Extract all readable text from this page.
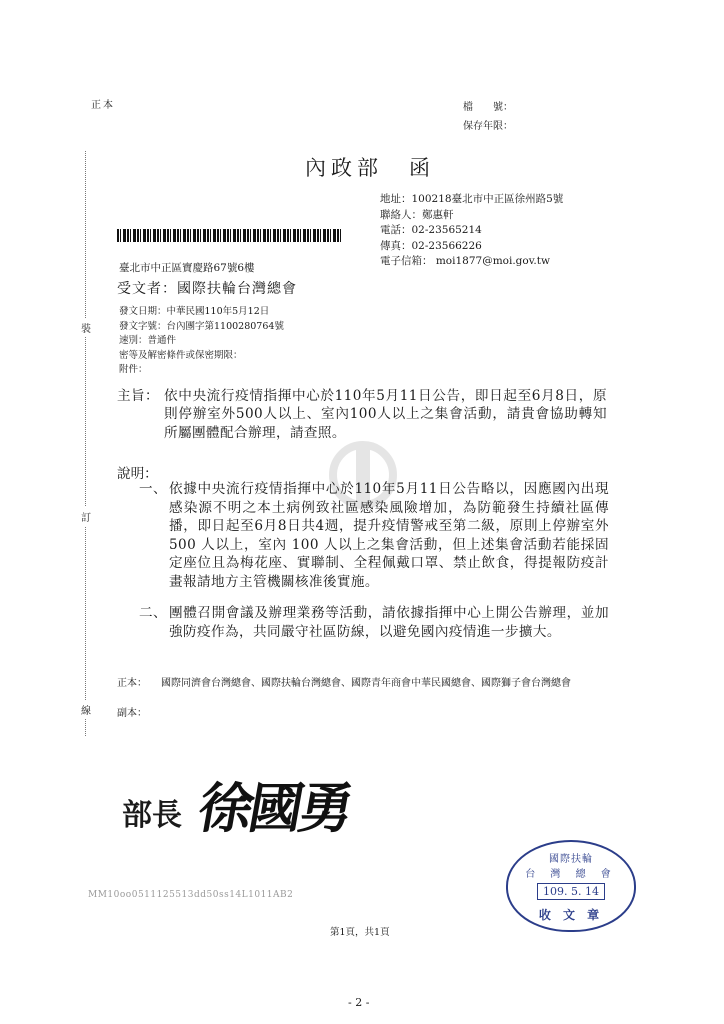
正本	檔　　號：
保存年限：
內政部　函
地址：100218臺北市中正區徐州路5號
聯絡人：鄭惠軒
電話：02-23565214
傳真：02-23566226
電子信箱： moi1877@moi.gov.tw
臺北市中正區寶慶路67號6樓
受文者：國際扶輪台灣總會
發文日期：中華民國110年5月12日
發文字號：台內團字第1100280764號
速別：普通件
密等及解密條件或保密期限：
附件：
主旨： 依中央流行疫情指揮中心於110年5月11日公告，即日起至6月8日，原則停辦室外500人以上、室內100人以上之集會活動，請貴會協助轉知所屬團體配合辦理，請查照。
說明：
一、 依據中央流行疫情指揮中心於110年5月11日公告略以，因應國內出現感染源不明之本土病例致社區感染風險增加，為防範發生持續社區傳播，即日起至6月8日共4週，提升疫情警戒至第二級，原則上停辦室外 500 人以上，室內 100 人以上之集會活動，但上述集會活動若能採固定座位且為梅花座、實聯制、全程佩戴口罩、禁止飲食，得提報防疫計畫報請地方主管機關核准後實施。
二、 團體召開會議及辦理業務等活動，請依據指揮中心上開公告辦理，並加強防疫作為，共同嚴守社區防線，以避免國內疫情進一步擴大。
正本： 國際同濟會台灣總會、國際扶輪台灣總會、國際青年商會中華民國總會、國際獅子會台灣總會
副本：
部長 徐國勇
MM10oo0511125513dd50ss14L1011AB2
第1頁，共1頁
裝
訂
線
國際扶輪
台 灣 總 會
109. 5. 14
收 文 章
- 2 -
